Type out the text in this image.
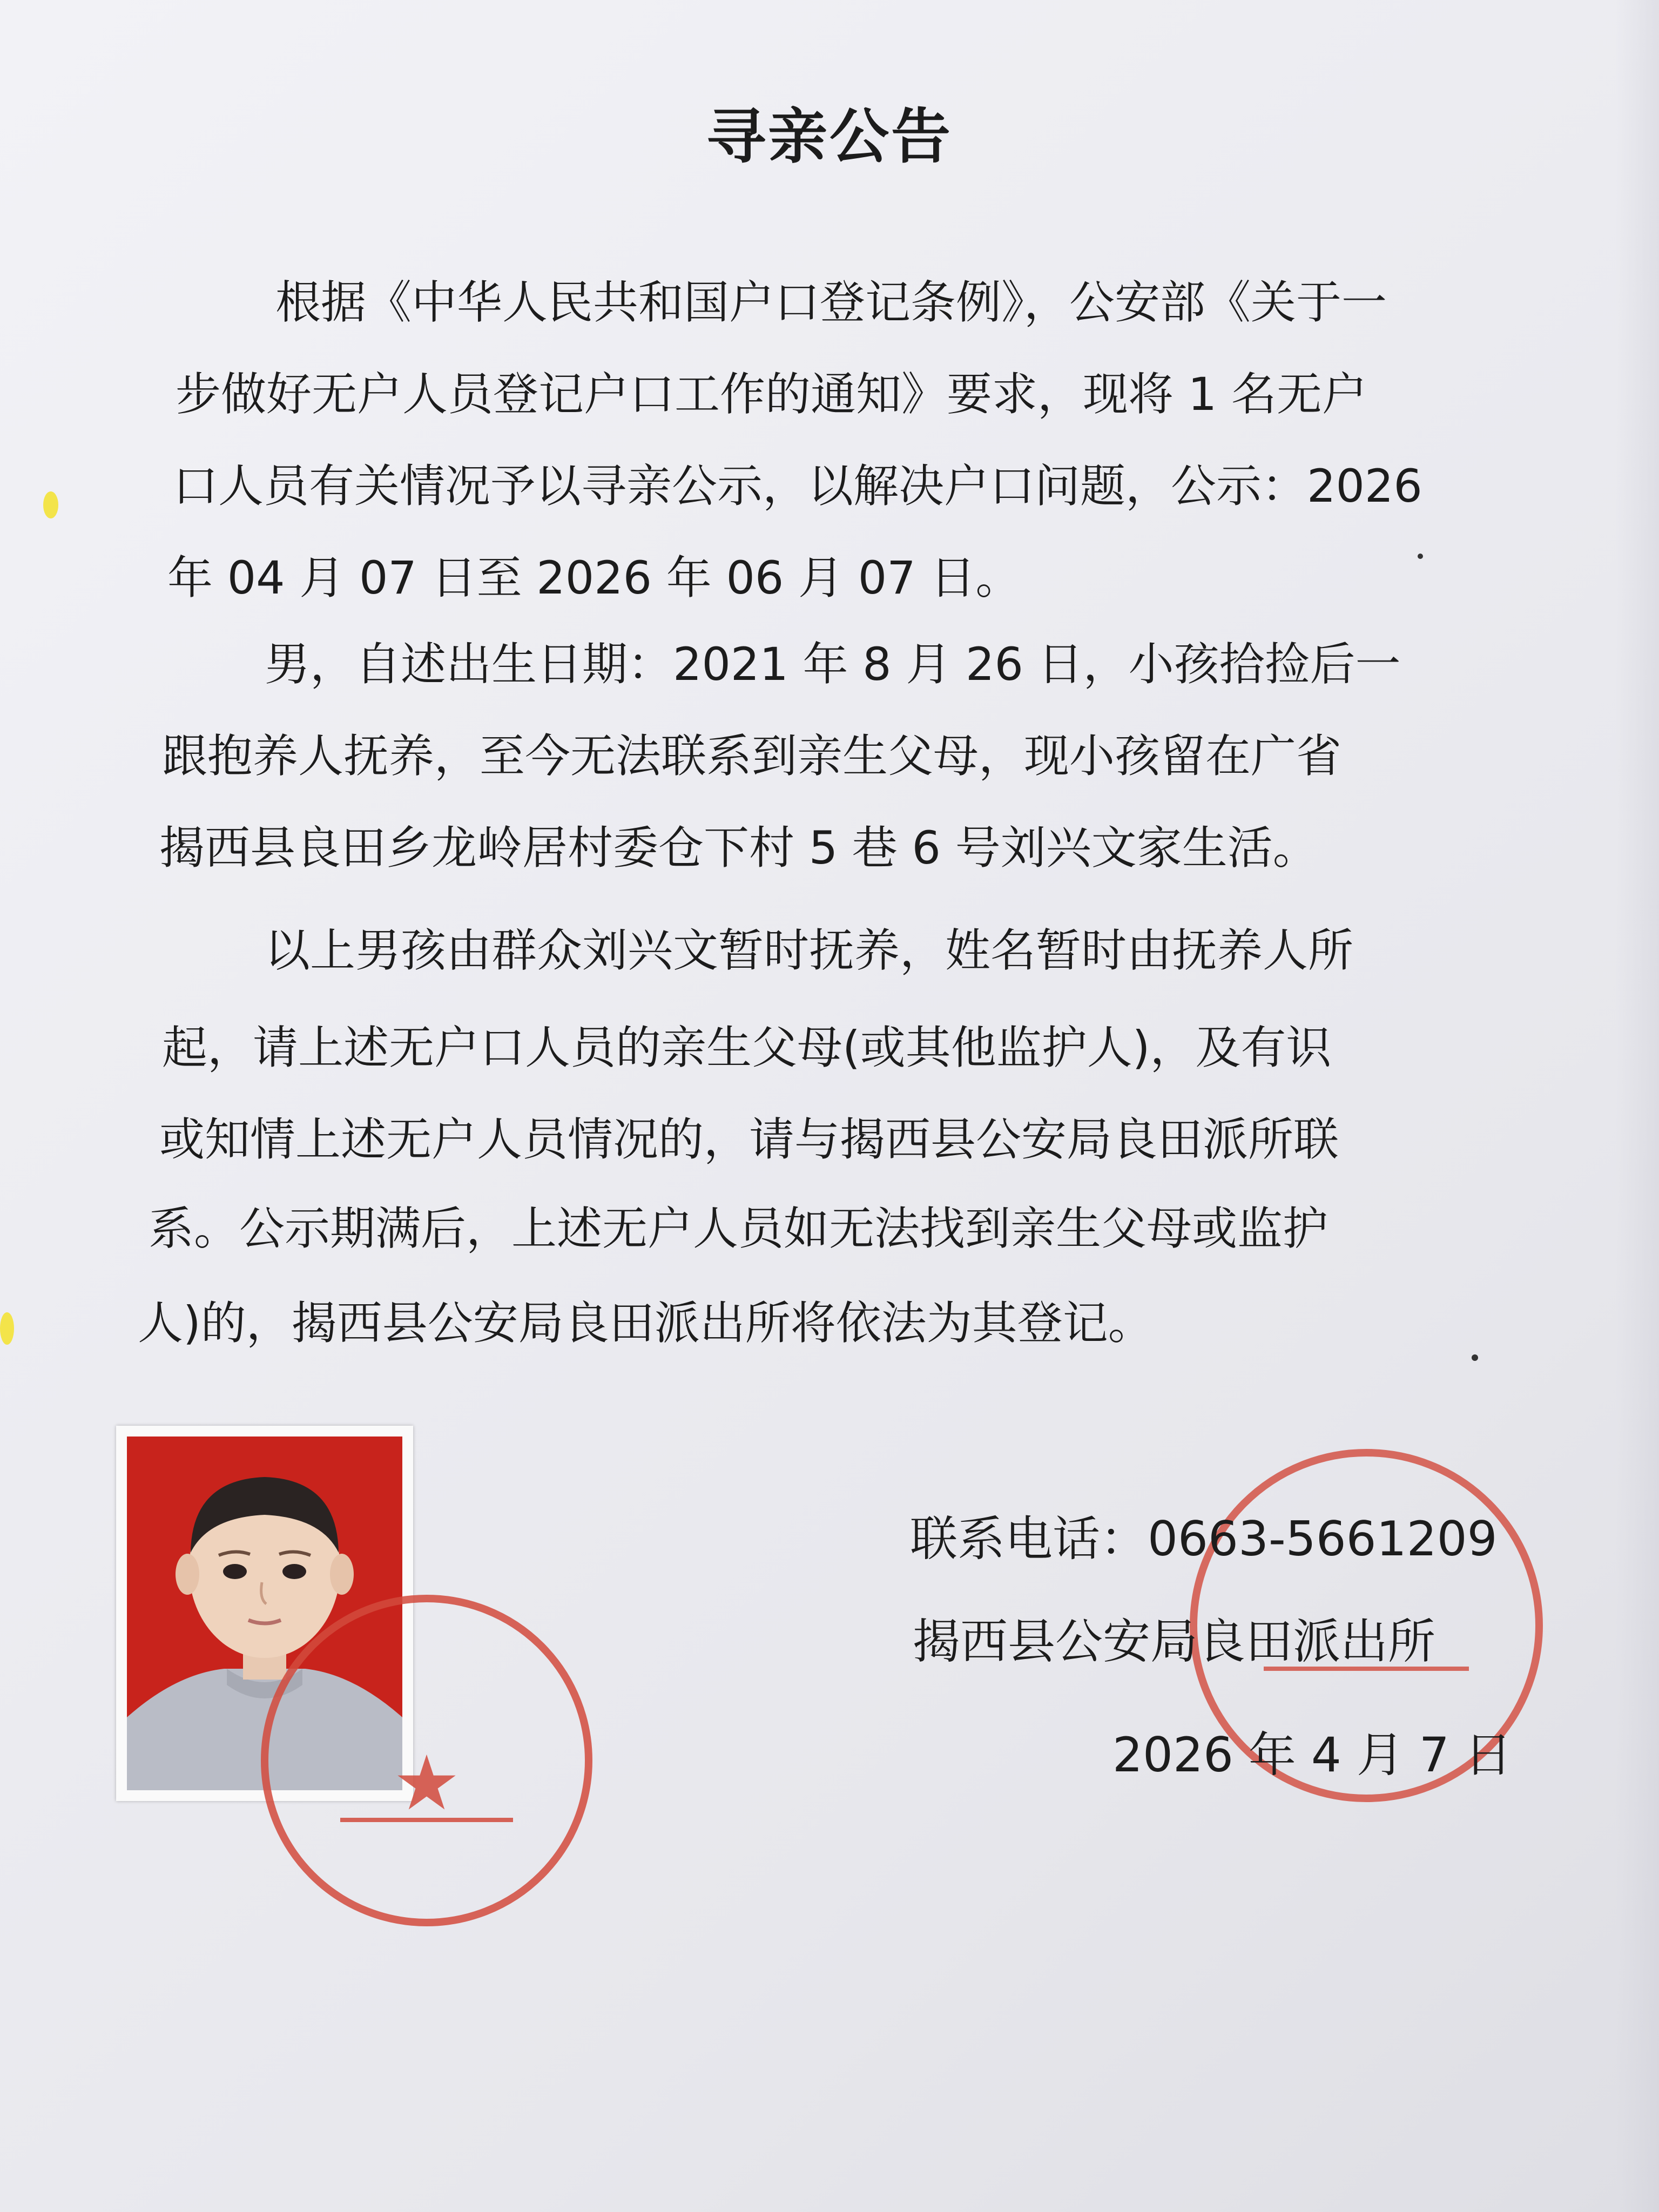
寻亲公告
根据《中华人民共和国户口登记条例》，公安部《关于一
步做好无户人员登记户口工作的通知》要求，现将 1 名无户
口人员有关情况予以寻亲公示，以解决户口问题，公示：2026
年 04 月 07 日至 2026 年 06 月 07 日。
男，自述出生日期：2021 年 8 月 26 日，小孩拾捡后一
跟抱养人抚养，至今无法联系到亲生父母，现小孩留在广省
揭西县良田乡龙岭居村委仓下村 5 巷 6 号刘兴文家生活。
以上男孩由群众刘兴文暂时抚养，姓名暂时由抚养人所
起，请上述无户口人员的亲生父母(或其他监护人)，及有识
或知情上述无户人员情况的，请与揭西县公安局良田派所联
系。公示期满后，上述无户人员如无法找到亲生父母或监护
人)的，揭西县公安局良田派出所将依法为其登记。
★
联系电话：0663-5661209
揭西县公安局良田派出所
2026 年 4 月 7 日
